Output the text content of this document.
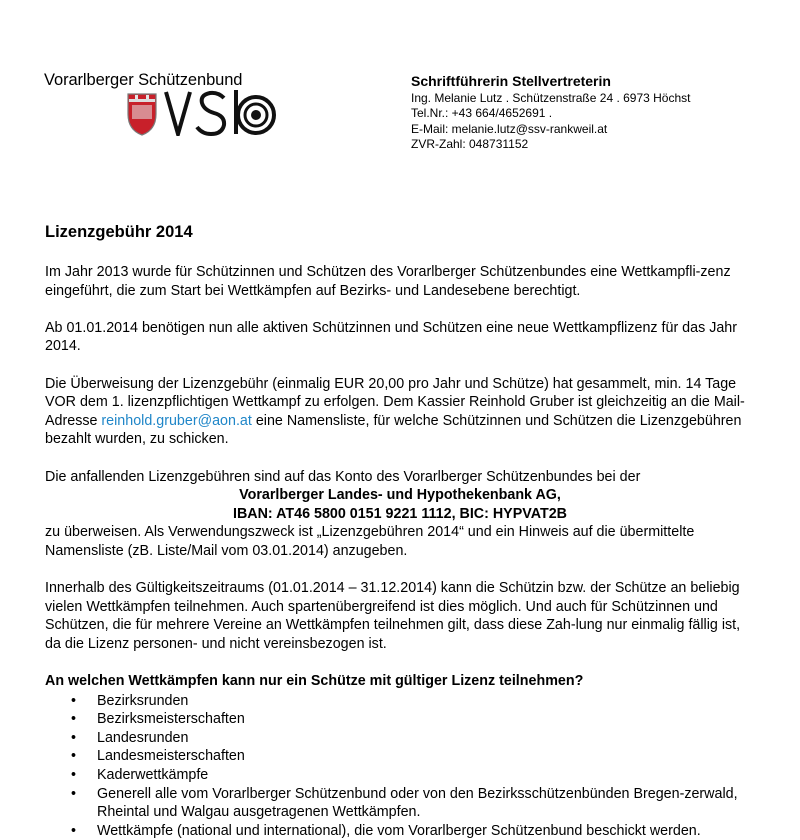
Vorarlberger Schützenbund	Schriftführerin Stellvertreterin
Ing. Melanie Lutz . Schützenstraße 24 . 6973 Höchst
Tel.Nr.: +43 664/4652691 .
E-Mail: melanie.lutz@ssv-rankweil.at
ZVR-Zahl: 048731152
Lizenzgebühr 2014

Im Jahr 2013 wurde für Schützinnen und Schützen des Vorarlberger Schützenbundes eine Wettkampfli-zenz eingeführt, die zum Start bei Wettkämpfen auf Bezirks- und Landesebene berechtigt.

Ab 01.01.2014 benötigen nun alle aktiven Schützinnen und Schützen eine neue Wettkampflizenz für das Jahr 2014.

Die Überweisung der Lizenzgebühr (einmalig EUR 20,00 pro Jahr und Schütze) hat gesammelt, min. 14 Tage VOR dem 1. lizenzpflichtigen Wettkampf zu erfolgen. Dem Kassier Reinhold Gruber ist gleichzeitig an die Mail-Adresse reinhold.gruber@aon.at eine Namensliste, für welche Schützinnen und Schützen die Lizenzgebühren bezahlt wurden, zu schicken.

Die anfallenden Lizenzgebühren sind auf das Konto des Vorarlberger Schützenbundes bei der

Vorarlberger Landes- und Hypothekenbank AG,
IBAN: AT46 5800 0151 9221 1112, BIC: HYPVAT2B
zu überweisen. Als Verwendungszweck ist „Lizenzgebühren 2014“ und ein Hinweis auf die übermittelte Namensliste (zB. Liste/Mail vom 03.01.2014) anzugeben.

Innerhalb des Gültigkeitszeitraums (01.01.2014 – 31.12.2014) kann die Schützin bzw. der Schütze an beliebig vielen Wettkämpfen teilnehmen. Auch spartenübergreifend ist dies möglich. Und auch für Schützinnen und Schützen, die für mehrere Vereine an Wettkämpfen teilnehmen gilt, dass diese Zah-lung nur einmalig fällig ist, da die Lizenz personen- und nicht vereinsbezogen ist.

An welchen Wettkämpfen kann nur ein Schütze mit gültiger Lizenz teilnehmen?
• Bezirksrunden
• Bezirksmeisterschaften
• Landesrunden
• Landesmeisterschaften
• Kaderwettkämpfe
• Generell alle vom Vorarlberger Schützenbund oder von den Bezirksschützenbünden Bregen-zerwald, Rheintal und Walgau ausgetragenen Wettkämpfen.
• Wettkämpfe (national und international), die vom Vorarlberger Schützenbund beschickt werden.
